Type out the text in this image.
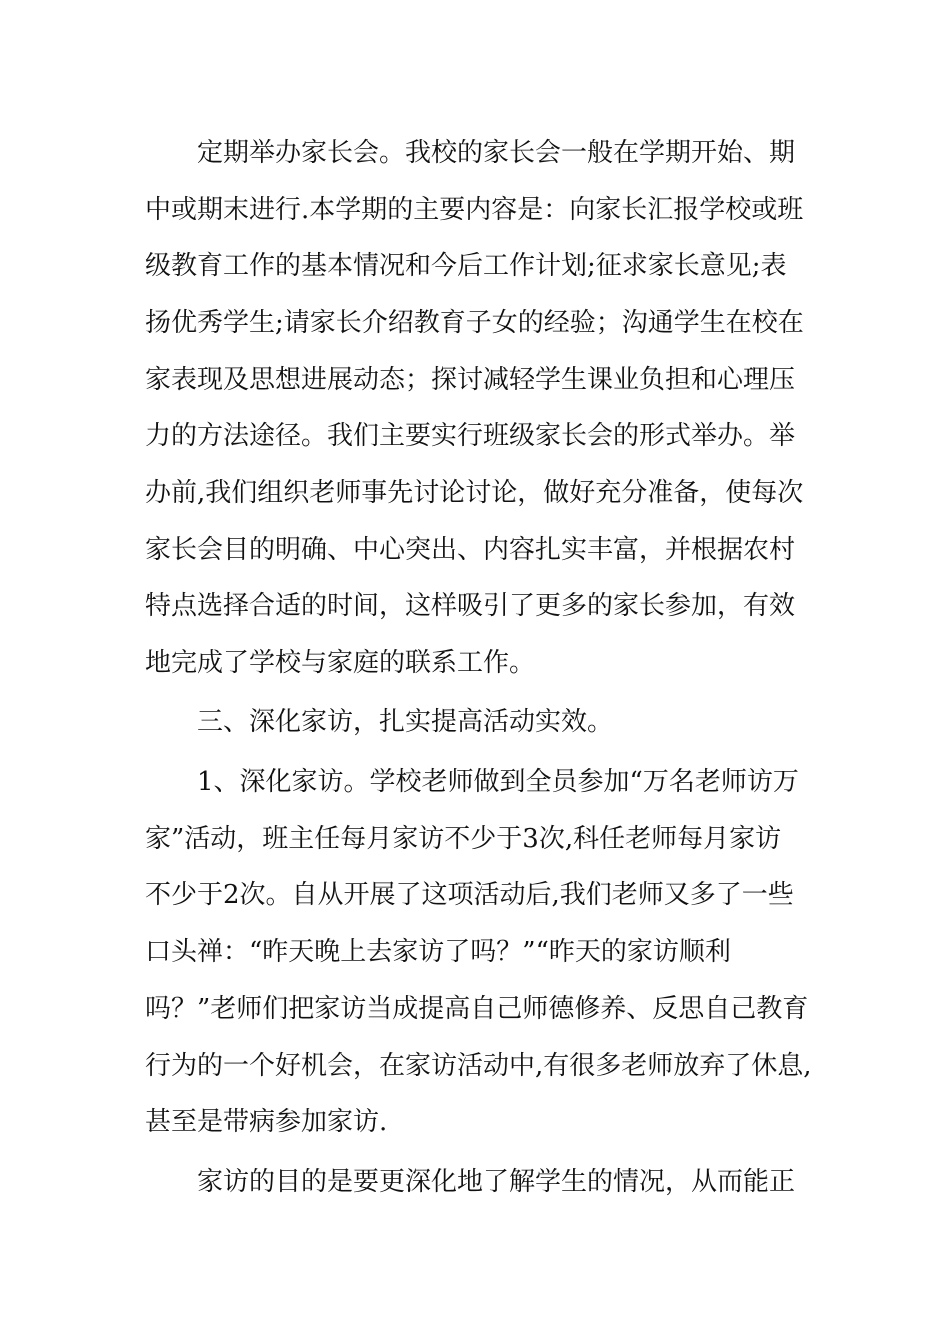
定期举办家长会。我校的家长会一般在学期开始、期
中或期末进行.本学期的主要内容是：向家长汇报学校或班
级教育工作的基本情况和今后工作计划;征求家长意见;表
扬优秀学生;请家长介绍教育子女的经验；沟通学生在校在
家表现及思想进展动态；探讨减轻学生课业负担和心理压
力的方法途径。我们主要实行班级家长会的形式举办。举
办前,我们组织老师事先讨论讨论，做好充分准备，使每次
家长会目的明确、中心突出、内容扎实丰富，并根据农村
特点选择合适的时间，这样吸引了更多的家长参加，有效
地完成了学校与家庭的联系工作。
三、深化家访，扎实提高活动实效。
1、深化家访。学校老师做到全员参加“万名老师访万
家”活动，班主任每月家访不少于3次,科任老师每月家访
不少于2次。自从开展了这项活动后,我们老师又多了一些
口头禅：“昨天晚上去家访了吗？”“昨天的家访顺利
吗？”老师们把家访当成提高自己师德修养、反思自己教育
行为的一个好机会，在家访活动中,有很多老师放弃了休息,
甚至是带病参加家访.
家访的目的是要更深化地了解学生的情况，从而能正
